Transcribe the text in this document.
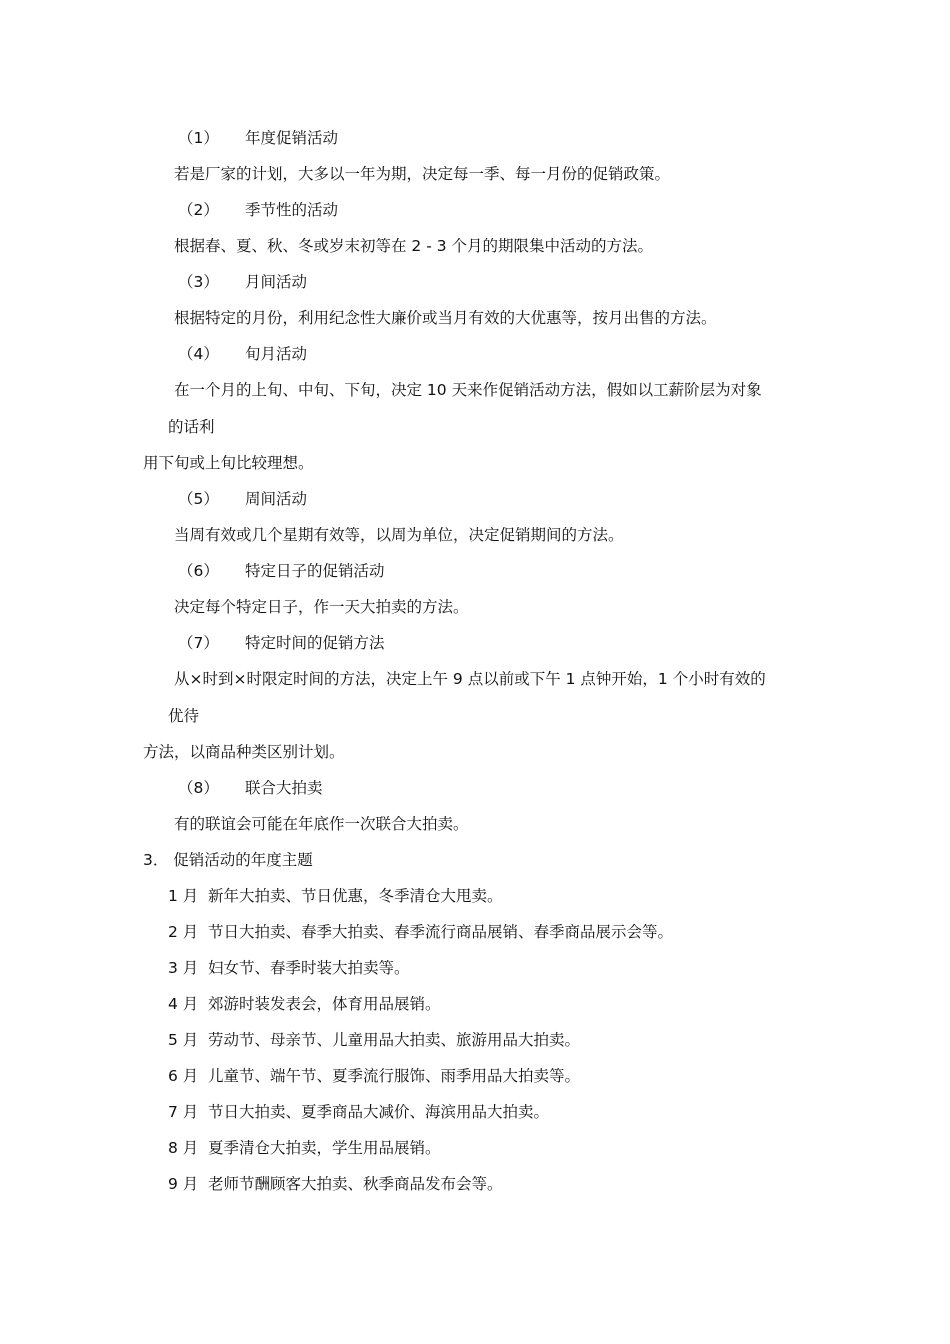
（1） 年度促销活动
若是厂家的计划，大多以一年为期，决定每一季、每一月份的促销政策。
（2） 季节性的活动
根据春、夏、秋、冬或岁末初等在 2 - 3 个月的期限集中活动的方法。
（3） 月间活动
根据特定的月份，利用纪念性大廉价或当月有效的大优惠等，按月出售的方法。
（4） 旬月活动
在一个月的上旬、中旬、下旬，决定 10 天来作促销活动方法，假如以工薪阶层为对象
的话利
用下旬或上旬比较理想。
（5） 周间活动
当周有效或几个星期有效等，以周为单位，决定促销期间的方法。
（6） 特定日子的促销活动
决定每个特定日子，作一天大拍卖的方法。
（7） 特定时间的促销方法
从×时到×时限定时间的方法，决定上午 9 点以前或下午 1 点钟开始，1 个小时有效的
优待
方法，以商品种类区别计划。
（8） 联合大拍卖
有的联谊会可能在年底作一次联合大拍卖。
3． 促销活动的年度主题
1 月 新年大拍卖、节日优惠，冬季清仓大甩卖。
2 月 节日大拍卖、春季大拍卖、春季流行商品展销、春季商品展示会等。
3 月 妇女节、春季时装大拍卖等。
4 月 郊游时装发表会，体育用品展销。
5 月 劳动节、母亲节、儿童用品大拍卖、旅游用品大拍卖。
6 月 儿童节、端午节、夏季流行服饰、雨季用品大拍卖等。
7 月 节日大拍卖、夏季商品大减价、海滨用品大拍卖。
8 月 夏季清仓大拍卖，学生用品展销。
9 月 老师节酬顾客大拍卖、秋季商品发布会等。
